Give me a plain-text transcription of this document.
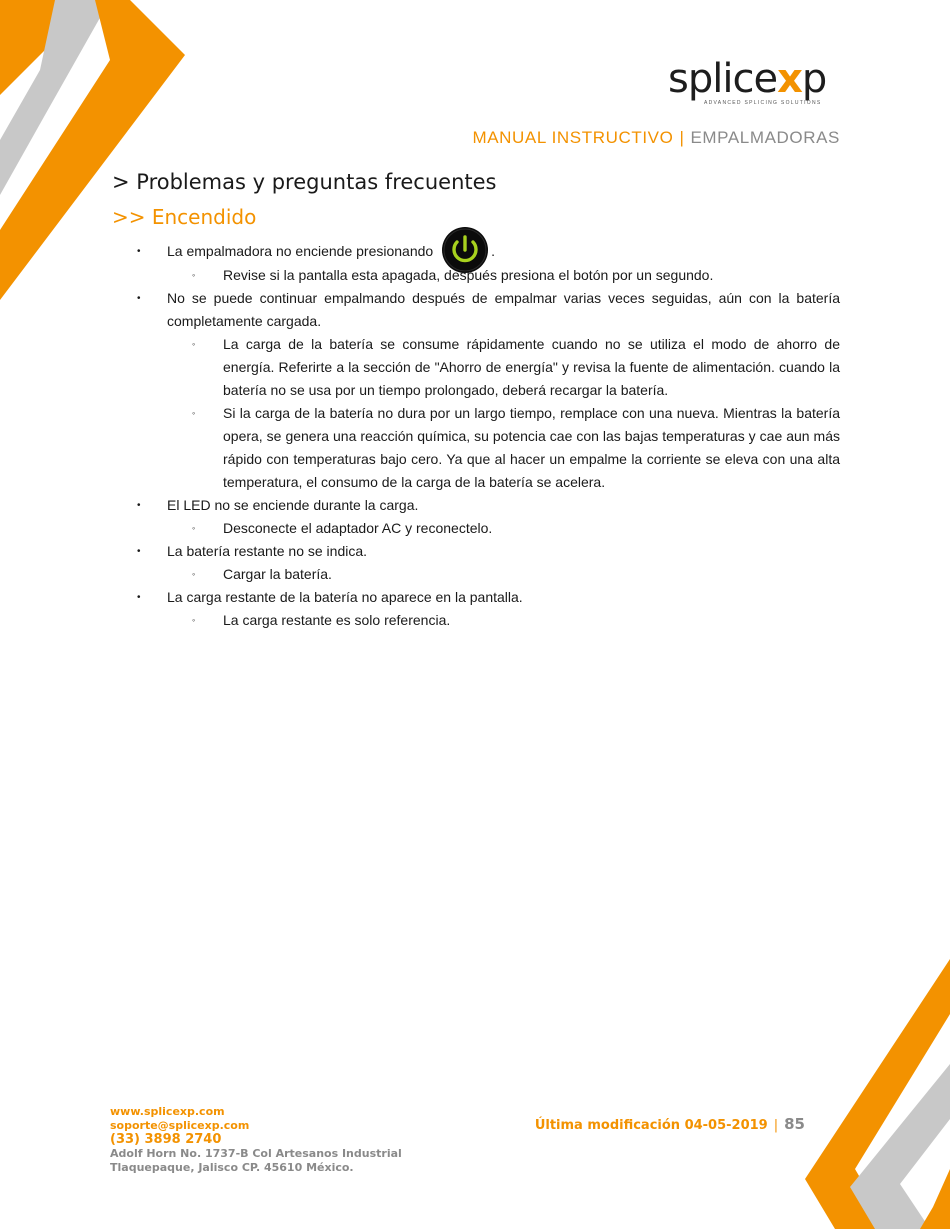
splicexp
ADVANCED SPLICING SOLUTIONS
MANUAL INSTRUCTIVO | EMPALMADORAS
> Problemas y preguntas frecuentes
>> Encendido
• La empalmadora no enciende presionando	.
◦ Revise si la pantalla esta apagada, después presiona el botón por un segundo.
• No se puede continuar empalmando después de empalmar varias veces seguidas, aún con la batería completamente cargada.
◦ La carga de la batería se consume rápidamente cuando no se utiliza el modo de ahorro de energía. Referirte a la sección de "Ahorro de energía" y revisa la fuente de alimentación. cuando la batería no se usa por un tiempo prolongado, deberá recargar la batería.
◦ Si la carga de la batería no dura por un largo tiempo, remplace con una nueva. Mientras la batería opera, se genera una reacción química, su potencia cae con las bajas temperaturas y cae aun más rápido con temperaturas bajo cero. Ya que al hacer un empalme la corriente se eleva con una alta temperatura, el consumo de la carga de la batería se acelera.
• El LED no se enciende durante la carga.
◦ Desconecte el adaptador AC y reconectelo.
• La batería restante no se indica.
◦ Cargar la batería.
• La carga restante de la batería no aparece en la pantalla.
◦ La carga restante es solo referencia.
www.splicexp.com
soporte@splicexp.com
(33) 3898 2740
Adolf Horn No. 1737-B Col Artesanos Industrial
Tlaquepaque, Jalisco CP. 45610 México.
Última modificación 04-05-2019 | 85
